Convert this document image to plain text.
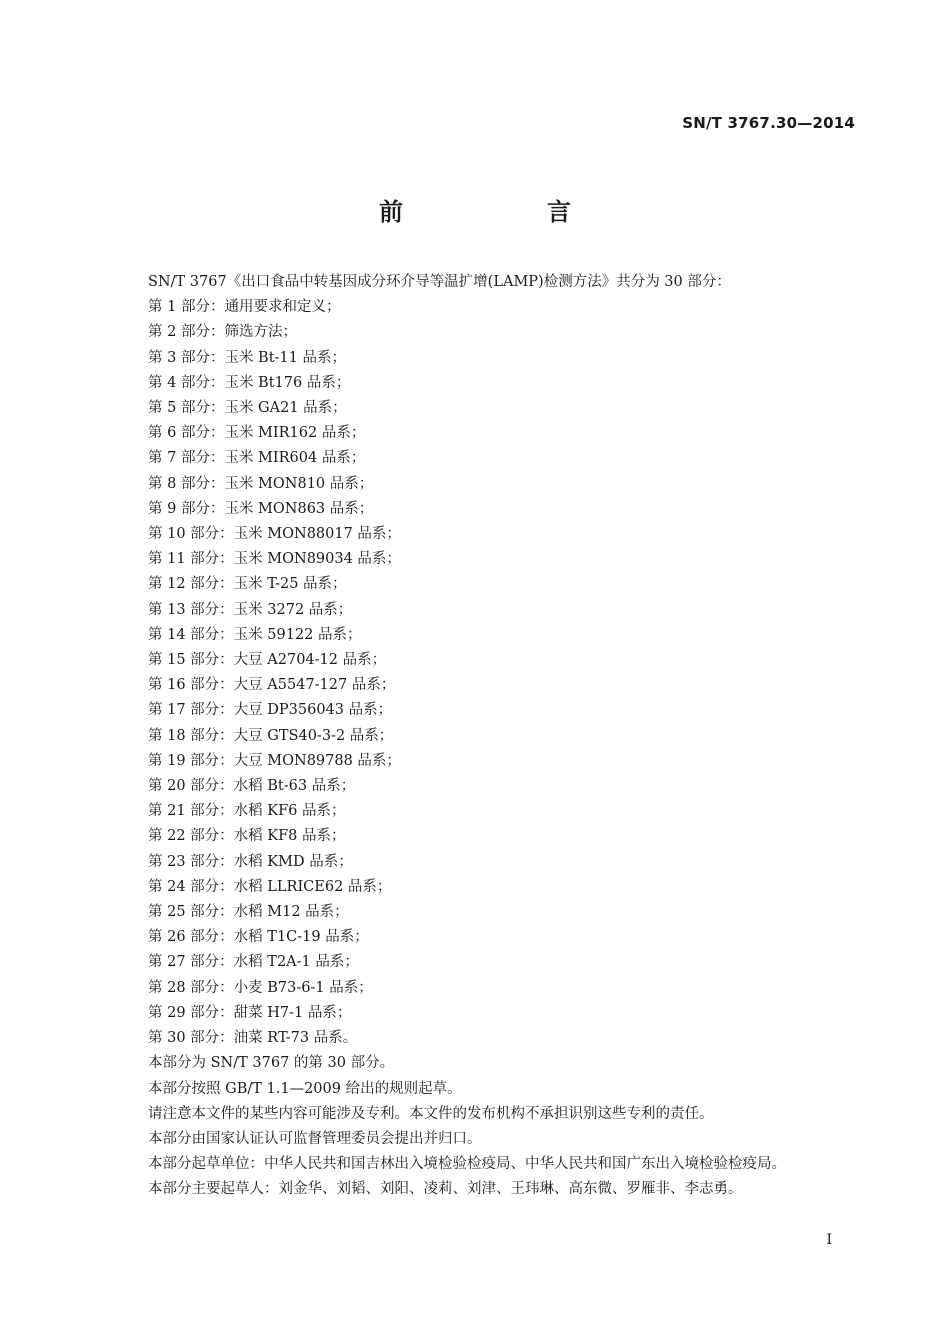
SN/T 3767.30—2014
前　言
SN/T 3767《出口食品中转基因成分环介导等温扩增(LAMP)检测方法》共分为 30 部分：
第 1 部分：通用要求和定义；
第 2 部分：筛选方法；
第 3 部分：玉米 Bt-11 品系；
第 4 部分：玉米 Bt176 品系；
第 5 部分：玉米 GA21 品系；
第 6 部分：玉米 MIR162 品系；
第 7 部分：玉米 MIR604 品系；
第 8 部分：玉米 MON810 品系；
第 9 部分：玉米 MON863 品系；
第 10 部分：玉米 MON88017 品系；
第 11 部分：玉米 MON89034 品系；
第 12 部分：玉米 T-25 品系；
第 13 部分：玉米 3272 品系；
第 14 部分：玉米 59122 品系；
第 15 部分：大豆 A2704-12 品系；
第 16 部分：大豆 A5547-127 品系；
第 17 部分：大豆 DP356043 品系；
第 18 部分：大豆 GTS40-3-2 品系；
第 19 部分：大豆 MON89788 品系；
第 20 部分：水稻 Bt-63 品系；
第 21 部分：水稻 KF6 品系；
第 22 部分：水稻 KF8 品系；
第 23 部分：水稻 KMD 品系；
第 24 部分：水稻 LLRICE62 品系；
第 25 部分：水稻 M12 品系；
第 26 部分：水稻 T1C-19 品系；
第 27 部分：水稻 T2A-1 品系；
第 28 部分：小麦 B73-6-1 品系；
第 29 部分：甜菜 H7-1 品系；
第 30 部分：油菜 RT-73 品系。
本部分为 SN/T 3767 的第 30 部分。
本部分按照 GB/T 1.1—2009 给出的规则起草。
请注意本文件的某些内容可能涉及专利。本文件的发布机构不承担识别这些专利的责任。
本部分由国家认证认可监督管理委员会提出并归口。
本部分起草单位：中华人民共和国吉林出入境检验检疫局、中华人民共和国广东出入境检验检疫局。
本部分主要起草人：刘金华、刘韬、刘阳、凌莉、刘津、王玮琳、高东微、罗雁非、李志勇。
I
